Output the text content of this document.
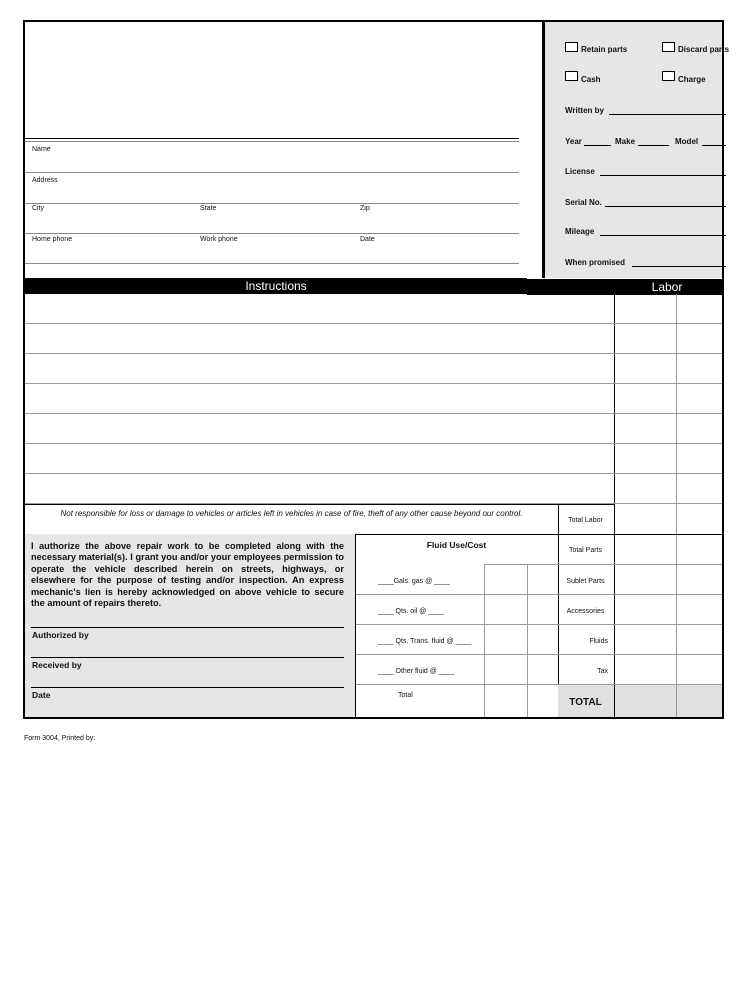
Name
Address
City	State	Zip
Home phone	Work phone	Date
Retain parts	Discard parts
Cash	Charge
Written by
Year	Make	Model
License
Serial No.
Mileage
When promised
Instructions	Labor
Not responsible for loss or damage to vehicles or articles left in vehicles in case of fire, theft of any other cause beyond our control.
Total Labor
Total Parts
Sublet Parts
Accessories
Fluids
Tax
TOTAL
Fluid Use/Cost
____Gals. gas @ ____
____ Qts. oil @ ____
____ Qts. Trans. fluid @ ____
____ Other fluid @ ____
Total
I authorize the above repair work to be completed along with the necessary material(s). I grant you and/or your employees permission to operate the vehicle described herein on streets, highways, or elsewhere for the purpose of testing and/or inspection. An express mechanic's lien is hereby acknowledged on above vehicle to secure the amount of repairs thereto.
Authorized by
Received by
Date
Form 3004, Printed by:
